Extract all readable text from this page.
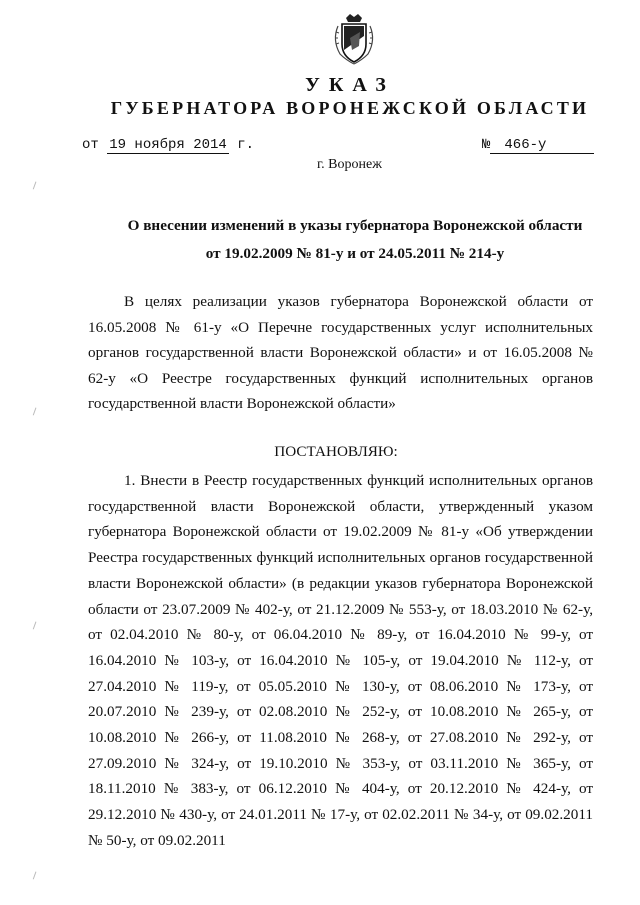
УКАЗ
ГУБЕРНАТОРА ВОРОНЕЖСКОЙ ОБЛАСТИ
от 19 ноября 2014 г.	№ 466-у
г. Воронеж
О внесении изменений в указы губернатора Воронежской области
от 19.02.2009 № 81-у и от 24.05.2011 № 214-у

В целях реализации указов губернатора Воронежской области от 16.05.2008 № 61-у «О Перечне государственных услуг исполнительных органов государственной власти Воронежской области» и от 16.05.2008 № 62-у «О Реестре государственных функций исполнительных органов государственной власти Воронежской области»

ПОСТАНОВЛЯЮ:

1. Внести в Реестр государственных функций исполнительных органов государственной власти Воронежской области, утвержденный указом губернатора Воронежской области от 19.02.2009 № 81-у «Об утверждении Реестра государственных функций исполнительных органов государственной власти Воронежской области» (в редакции указов губернатора Воронежской области от 23.07.2009 № 402-у, от 21.12.2009 № 553-у, от 18.03.2010 № 62-у, от 02.04.2010 № 80-у, от 06.04.2010 № 89-у, от 16.04.2010 № 99-у, от 16.04.2010 № 103-у, от 16.04.2010 № 105-у, от 19.04.2010 № 112-у, от 27.04.2010 № 119-у, от 05.05.2010 № 130-у, от 08.06.2010 № 173-у, от 20.07.2010 № 239-у, от 02.08.2010 № 252-у, от 10.08.2010 № 265-у, от 10.08.2010 № 266-у, от 11.08.2010 № 268-у, от 27.08.2010 № 292-у, от 27.09.2010 № 324-у, от 19.10.2010 № 353-у, от 03.11.2010 № 365-у, от 18.11.2010 № 383-у, от 06.12.2010 № 404-у, от 20.12.2010 № 424-у, от 29.12.2010 № 430-у, от 24.01.2011 № 17-у, от 02.02.2011 № 34-у, от 09.02.2011 № 50-у, от 09.02.2011
